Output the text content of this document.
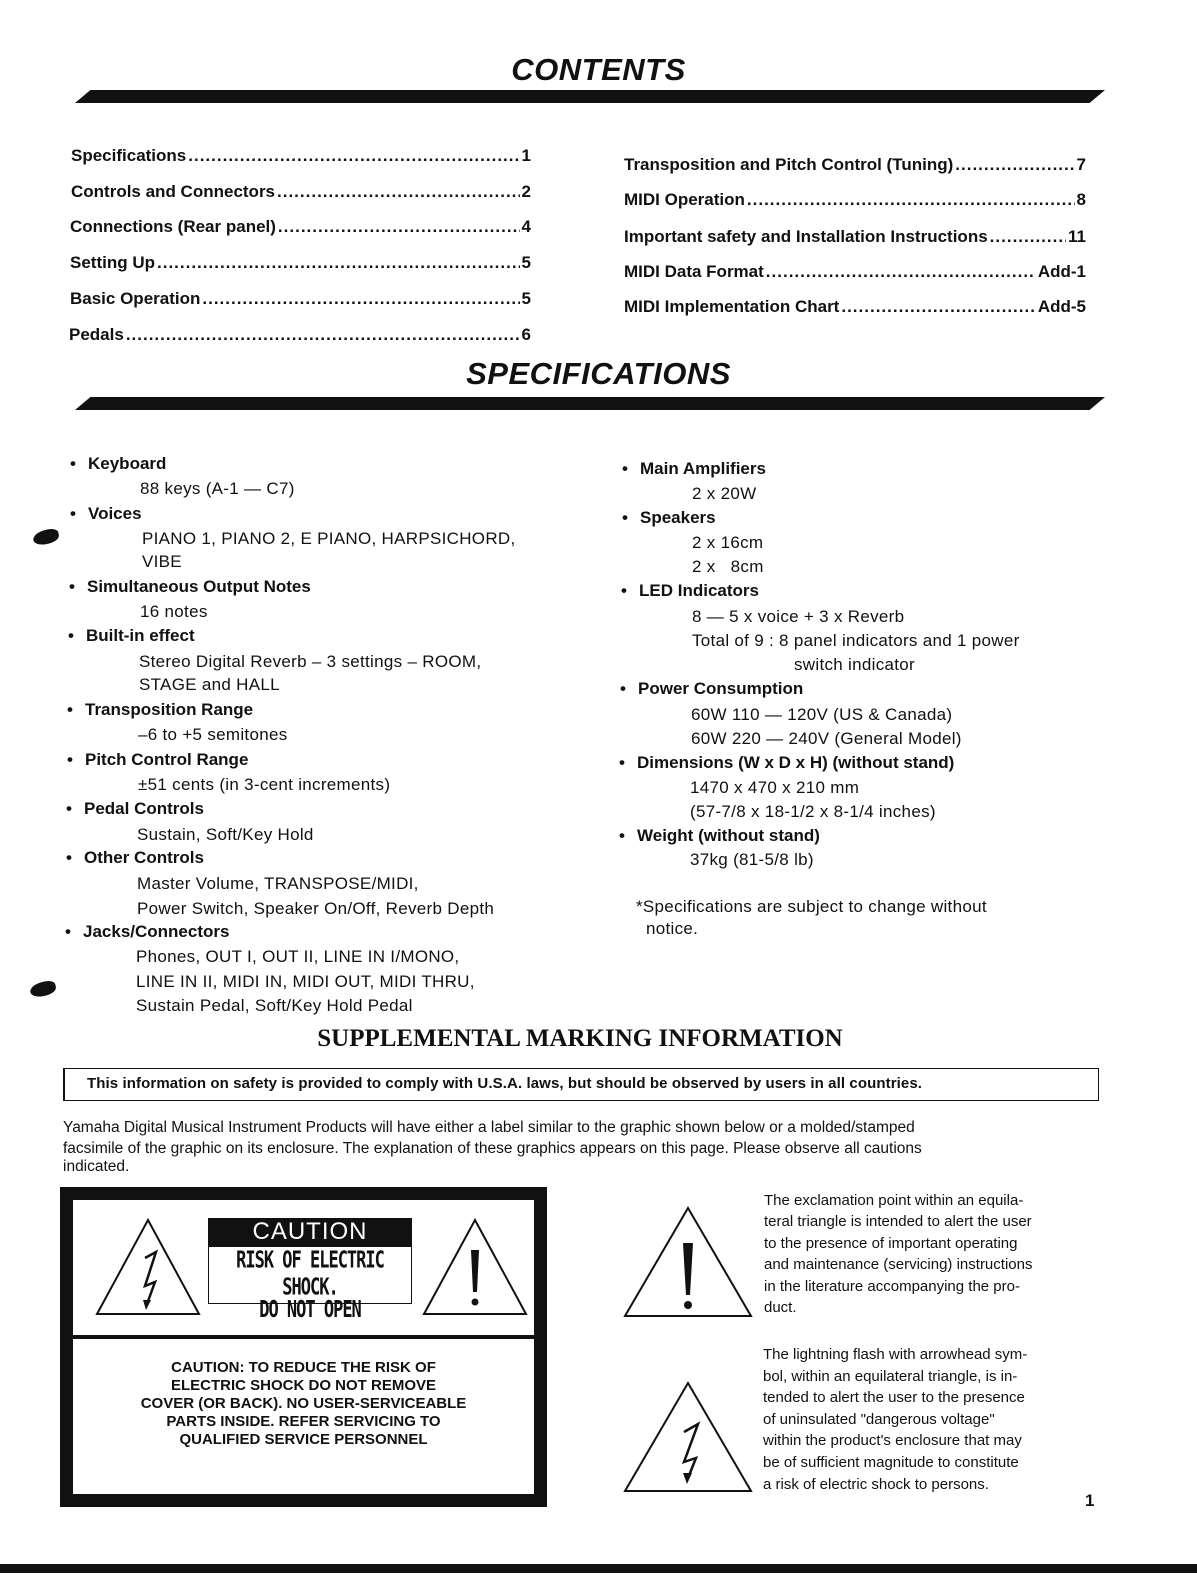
CONTENTS
Specifications .....	1
Controls and Connectors .....	2
Connections (Rear panel) .....	4
Setting Up .....	5
Basic Operation .....	5
Pedals .....	6
Transposition and Pitch Control (Tuning) .....	7
MIDI Operation .....	8
Important safety and Installation Instructions .....	11
MIDI Data Format .....	Add-1
MIDI Implementation Chart .....	Add-5
SPECIFICATIONS
• Keyboard
88 keys (A-1 — C7)
• Voices
PIANO 1, PIANO 2, E PIANO, HARPSICHORD,
VIBE
• Simultaneous Output Notes
16 notes
• Built-in effect
Stereo Digital Reverb – 3 settings – ROOM,
STAGE and HALL
• Transposition Range
–6 to +5 semitones
• Pitch Control Range
±51 cents (in 3-cent increments)
• Pedal Controls
Sustain, Soft/Key Hold
• Other Controls
Master Volume, TRANSPOSE/MIDI,
Power Switch, Speaker On/Off, Reverb Depth
• Jacks/Connectors
Phones, OUT I, OUT II, LINE IN I/MONO,
LINE IN II, MIDI IN, MIDI OUT, MIDI THRU,
Sustain Pedal, Soft/Key Hold Pedal
• Main Amplifiers
2 x 20W
• Speakers
2 x 16cm
2 x   8cm
• LED Indicators
8 — 5 x voice + 3 x Reverb
Total of 9 : 8 panel indicators and 1 power
switch indicator
• Power Consumption
60W 110 — 120V (US & Canada)
60W 220 — 240V (General Model)
• Dimensions (W x D x H) (without stand)
1470 x 470 x 210 mm
(57-7/8 x 18-1/2 x 8-1/4 inches)
• Weight (without stand)
37kg (81-5/8 lb)
*Specifications are subject to change without
notice.
SUPPLEMENTAL MARKING INFORMATION
This information on safety is provided to comply with U.S.A. laws, but should be observed by users in all countries.
Yamaha Digital Musical Instrument Products will have either a label similar to the graphic shown below or a molded/stamped
facsimile of the graphic on its enclosure. The explanation of these graphics appears on this page. Please observe all cautions
indicated.
CAUTION
RISK OF ELECTRIC SHOCK.
DO NOT OPEN
CAUTION: TO REDUCE THE RISK OF
ELECTRIC SHOCK DO NOT REMOVE
COVER (OR BACK). NO USER-SERVICEABLE
PARTS INSIDE. REFER SERVICING TO
QUALIFIED SERVICE PERSONNEL
The exclamation point within an equila-
teral triangle is intended to alert the user
to the presence of important operating
and maintenance (servicing) instructions
in the literature accompanying the pro-
duct.
The lightning flash with arrowhead sym-
bol, within an equilateral triangle, is in-
tended to alert the user to the presence
of uninsulated "dangerous voltage"
within the product's enclosure that may
be of sufficient magnitude to constitute
a risk of electric shock to persons.
1
